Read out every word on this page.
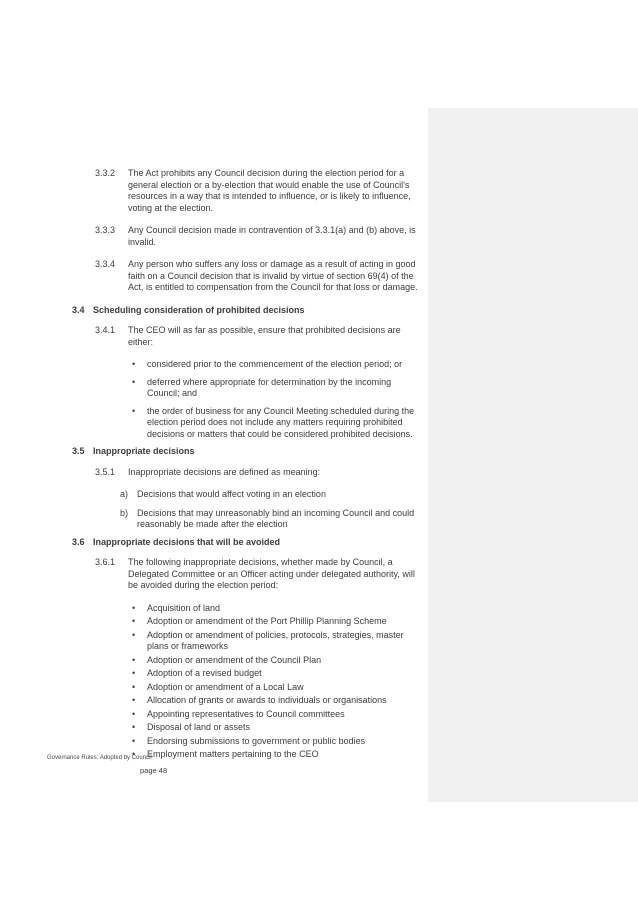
3.3.2	The Act prohibits any Council decision during the election period for a general election or a by-election that would enable the use of Council's resources in a way that is intended to influence, or is likely to influence, voting at the election.
3.3.3	Any Council decision made in contravention of 3.3.1(a) and (b) above, is invalid.
3.3.4	Any person who suffers any loss or damage as a result of acting in good faith on a Council decision that is invalid by virtue of section 69(4) of the Act, is entitled to compensation from the Council for that loss or damage.
3.4 Scheduling consideration of prohibited decisions
3.4.1	The CEO will as far as possible, ensure that prohibited decisions are either:
•
considered prior to the commencement of the election period; or
•
deferred where appropriate for determination by the incoming Council; and
•
the order of business for any Council Meeting scheduled during the election period does not include any matters requiring prohibited decisions or matters that could be considered prohibited decisions.
3.5 Inappropriate decisions
3.5.1	Inappropriate decisions are defined as meaning:
a) Decisions that would affect voting in an election
b) Decisions that may unreasonably bind an incoming Council and could reasonably be made after the election
3.6 Inappropriate decisions that will be avoided
3.6.1	The following inappropriate decisions, whether made by Council, a Delegated Committee or an Officer acting under delegated authority, will be avoided during the election period:
•
Acquisition of land
•
Adoption or amendment of the Port Phillip Planning Scheme
•
Adoption or amendment of policies, protocols, strategies, master plans or frameworks
•
Adoption or amendment of the Council Plan
•
Adoption of a revised budget
•
Adoption or amendment of a Local Law
•
Allocation of grants or awards to individuals or organisations
•
Appointing representatives to Council committees
•
Disposal of land or assets
•
Endorsing submissions to government or public bodies
•
Employment matters pertaining to the CEO
Governance Rules: Adopted by Council
page 48
